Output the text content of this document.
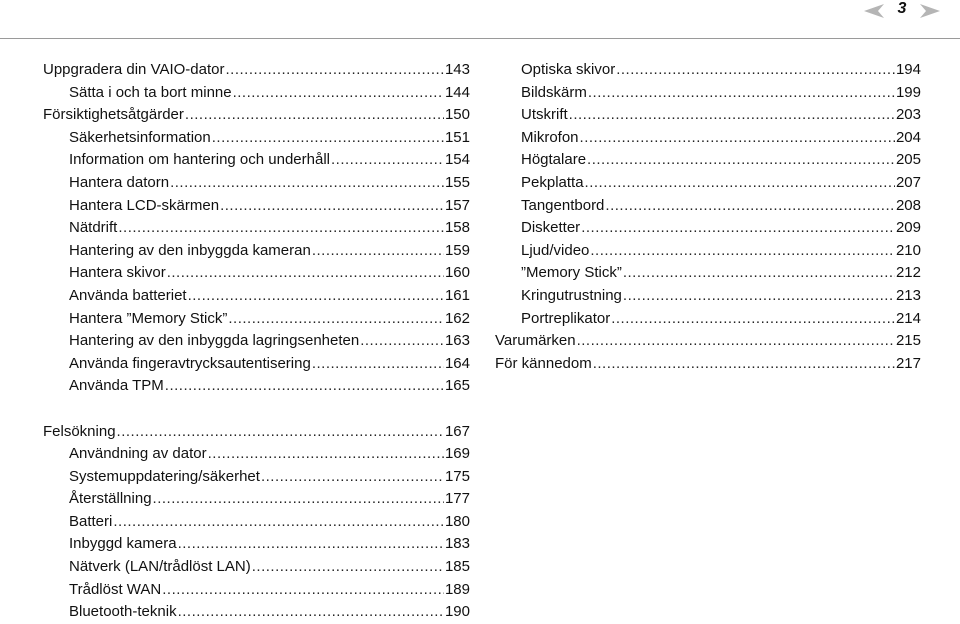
3
Uppgradera din VAIO-dator .....	143
Sätta i och ta bort minne .....	144
Försiktighetsåtgärder .....	150
Säkerhetsinformation .....	151
Information om hantering och underhåll .....	154
Hantera datorn .....	155
Hantera LCD-skärmen .....	157
Nätdrift .....	158
Hantering av den inbyggda kameran .....	159
Hantera skivor .....	160
Använda batteriet .....	161
Hantera ”Memory Stick” .....	162
Hantering av den inbyggda lagringsenheten .....	163
Använda fingeravtrycksautentisering .....	164
Använda TPM .....	165
Felsökning .....	167
Användning av dator .....	169
Systemuppdatering/säkerhet .....	175
Återställning .....	177
Batteri .....	180
Inbyggd kamera .....	183
Nätverk (LAN/trådlöst LAN) .....	185
Trådlöst WAN .....	189
Bluetooth-teknik .....	190
Optiska skivor .....	194
Bildskärm .....	199
Utskrift .....	203
Mikrofon .....	204
Högtalare .....	205
Pekplatta .....	207
Tangentbord .....	208
Disketter .....	209
Ljud/video .....	210
”Memory Stick” .....	212
Kringutrustning .....	213
Portreplikator .....	214
Varumärken .....	215
För kännedom .....	217
